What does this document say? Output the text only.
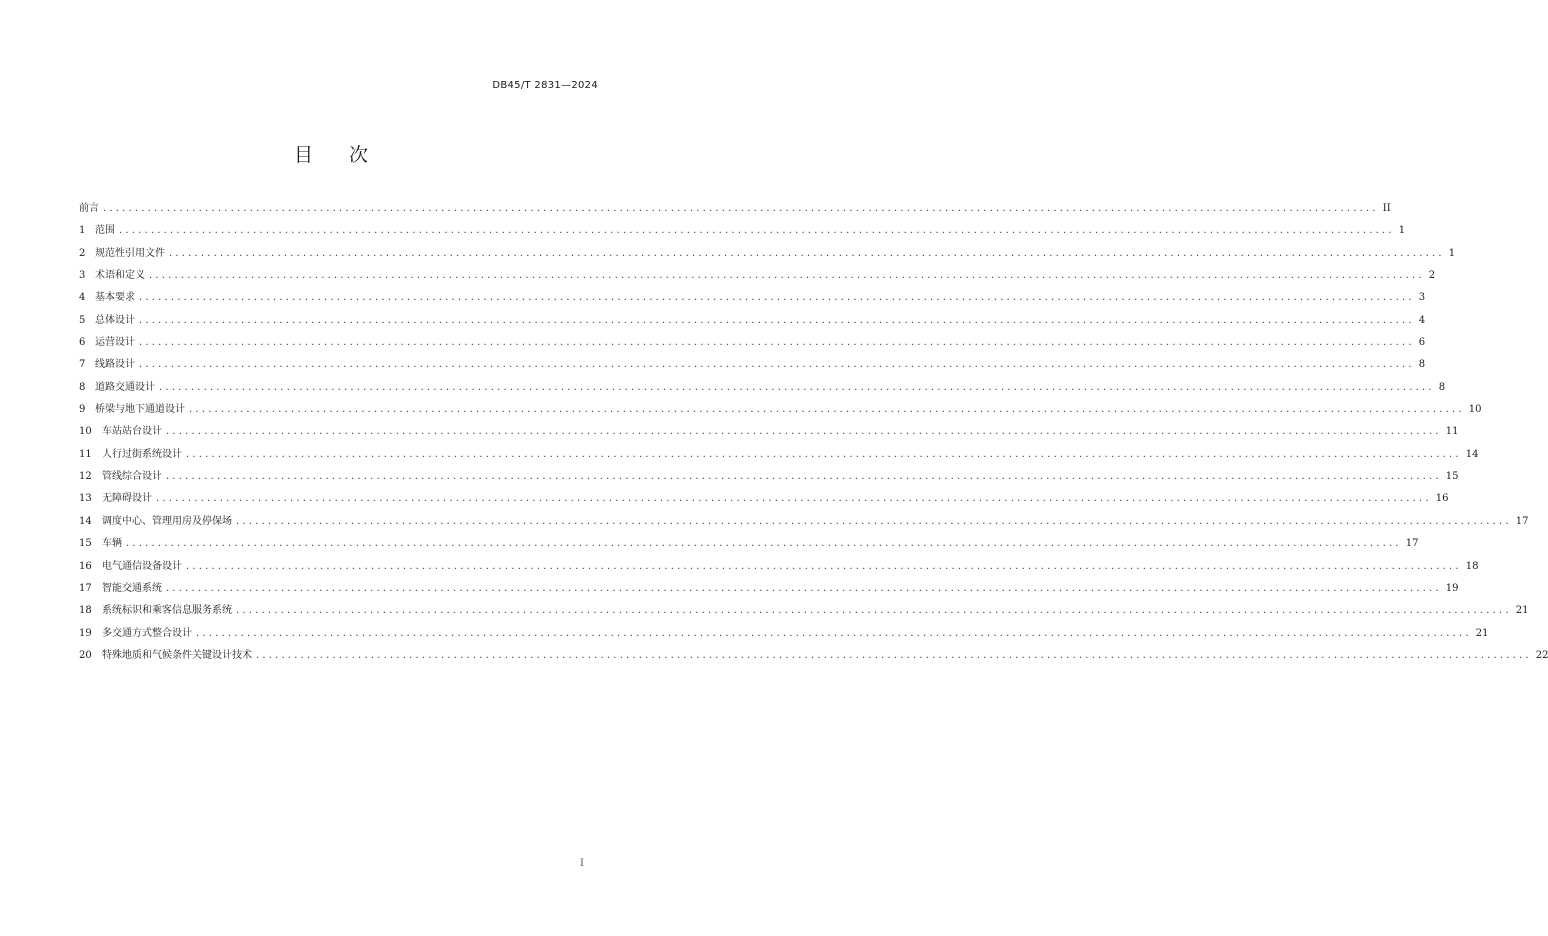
DB45/T 2831—2024
目 次
前言 ........................................................................................................................................................................................................ II
1 范围 ........................................................................................................................................................................................................ 1
2 规范性引用文件 ........................................................................................................................................................................................................ 1
3 术语和定义 ........................................................................................................................................................................................................ 2
4 基本要求 ........................................................................................................................................................................................................ 3
5 总体设计 ........................................................................................................................................................................................................ 4
6 运营设计 ........................................................................................................................................................................................................ 6
7 线路设计 ........................................................................................................................................................................................................ 8
8 道路交通设计 ........................................................................................................................................................................................................ 8
9 桥梁与地下通道设计 ........................................................................................................................................................................................................ 10
10	车站站台设计 ........................................................................................................................................................................................................ 11
11	人行过街系统设计 ........................................................................................................................................................................................................ 14
12	管线综合设计 ........................................................................................................................................................................................................ 15
13	无障碍设计 ........................................................................................................................................................................................................ 16
14	调度中心、管理用房及停保场 ........................................................................................................................................................................................................ 17
15	车辆 ........................................................................................................................................................................................................ 17
16	电气通信设备设计 ........................................................................................................................................................................................................ 18
17	智能交通系统 ........................................................................................................................................................................................................ 19
18	系统标识和乘客信息服务系统 ........................................................................................................................................................................................................ 21
19	多交通方式整合设计 ........................................................................................................................................................................................................ 21
20	特殊地质和气候条件关键设计技术 ........................................................................................................................................................................................................ 22
I
